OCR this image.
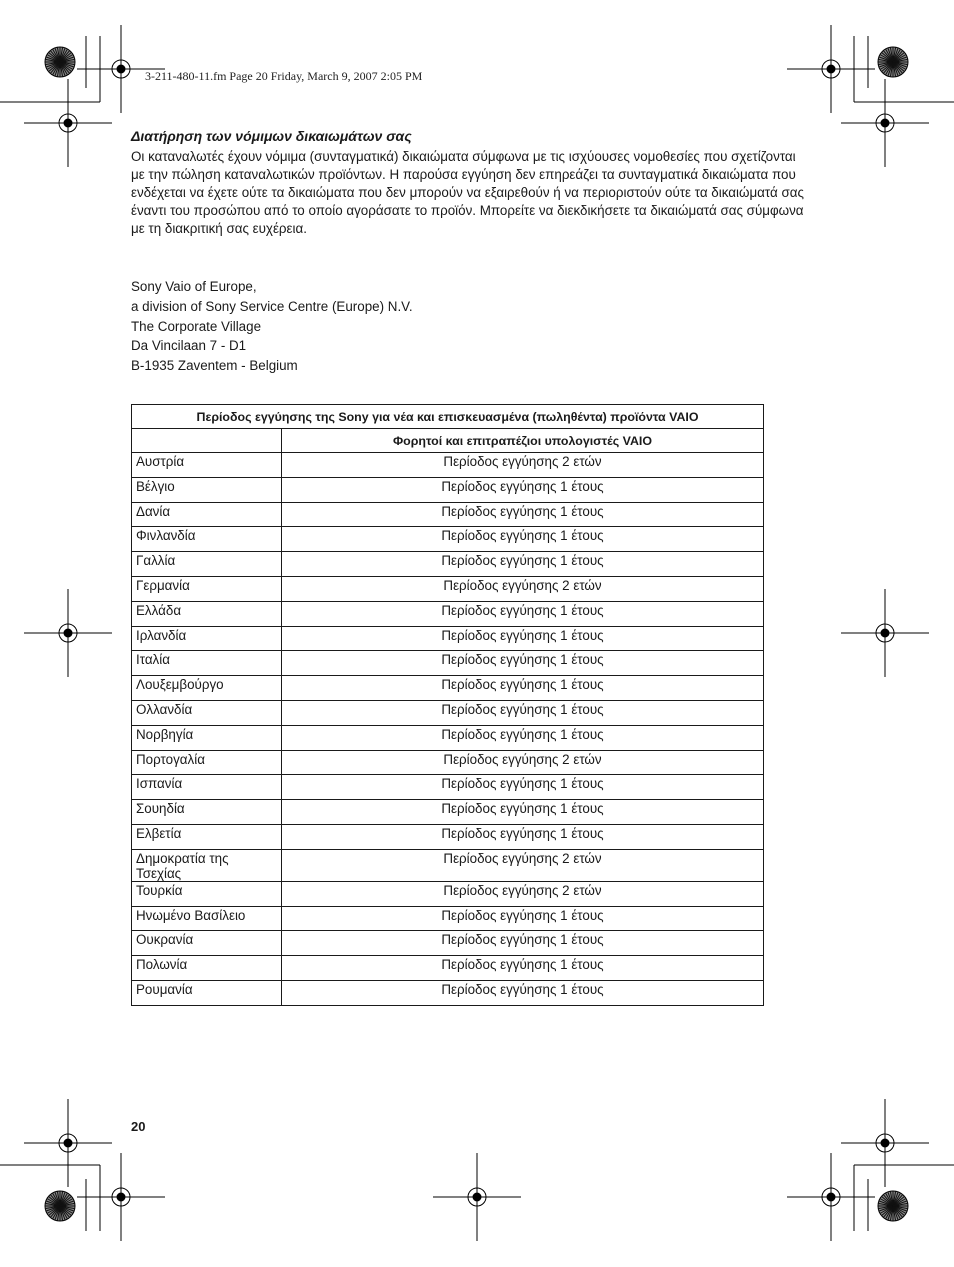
3-211-480-11.fm Page 20 Friday, March 9, 2007 2:05 PM
Διατήρηση των νόμιμων δικαιωμάτων σας

Οι καταναλωτές έχουν νόμιμα (συνταγματικά) δικαιώματα σύμφωνα με τις ισχύουσες νομοθεσίες που σχετίζονται με την πώληση καταναλωτικών προϊόντων. Η παρούσα εγγύηση δεν επηρεάζει τα συνταγματικά δικαιώματα που ενδέχεται να έχετε ούτε τα δικαιώματα που δεν μπορούν να εξαιρεθούν ή να περιοριστούν ούτε τα δικαιώματά σας έναντι του προσώπου από το οποίο αγοράσατε το προϊόν. Μπορείτε να διεκδικήσετε τα δικαιώματά σας σύμφωνα με τη διακριτική σας ευχέρεια.

Sony Vaio of Europe,
a division of Sony Service Centre (Europe) N.V.
The Corporate Village
Da Vincilaan 7 - D1
B-1935 Zaventem - Belgium
Περίοδος εγγύησης της Sony για νέα και επισκευασμένα (πωληθέντα) προϊόντα VAIO	
	Φορητοί και επιτραπέζιοι υπολογιστές VAIO
Αυστρία	Περίοδος εγγύησης 2 ετών
Βέλγιο	Περίοδος εγγύησης 1 έτους
Δανία	Περίοδος εγγύησης 1 έτους
Φινλανδία	Περίοδος εγγύησης 1 έτους
Γαλλία	Περίοδος εγγύησης 1 έτους
Γερμανία	Περίοδος εγγύησης 2 ετών
Ελλάδα	Περίοδος εγγύησης 1 έτους
Ιρλανδία	Περίοδος εγγύησης 1 έτους
Ιταλία	Περίοδος εγγύησης 1 έτους
Λουξεμβούργο	Περίοδος εγγύησης 1 έτους
Ολλανδία	Περίοδος εγγύησης 1 έτους
Νορβηγία	Περίοδος εγγύησης 1 έτους
Πορτογαλία	Περίοδος εγγύησης 2 ετών
Ισπανία	Περίοδος εγγύησης 1 έτους
Σουηδία	Περίοδος εγγύησης 1 έτους
Ελβετία	Περίοδος εγγύησης 1 έτους
Δημοκρατία της Τσεχίας	Περίοδος εγγύησης 2 ετών
Τουρκία	Περίοδος εγγύησης 2 ετών
Ηνωμένο Βασίλειο	Περίοδος εγγύησης 1 έτους
Ουκρανία	Περίοδος εγγύησης 1 έτους
Πολωνία	Περίοδος εγγύησης 1 έτους
Ρουμανία	Περίοδος εγγύησης 1 έτους
20
